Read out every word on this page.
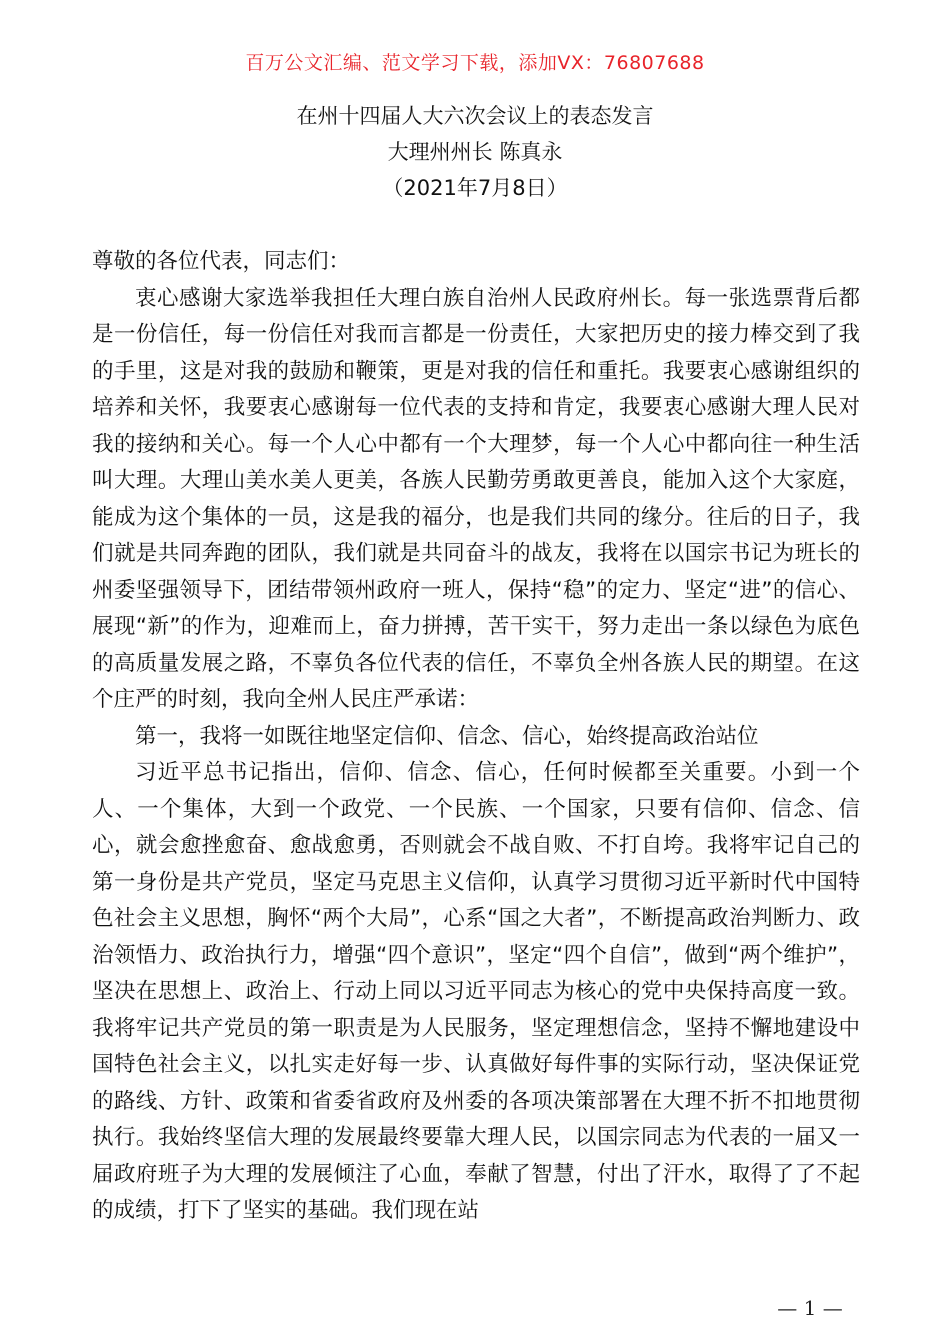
百万公文汇编、范文学习下载，添加VX：76807688
在州十四届人大六次会议上的表态发言
大理州州长 陈真永
（2021年7月8日）

尊敬的各位代表，同志们：

衷心感谢大家选举我担任大理白族自治州人民政府州长。每一张选票背后都是一份信任，每一份信任对我而言都是一份责任，大家把历史的接力棒交到了我的手里，这是对我的鼓励和鞭策，更是对我的信任和重托。我要衷心感谢组织的培养和关怀，我要衷心感谢每一位代表的支持和肯定，我要衷心感谢大理人民对我的接纳和关心。每一个人心中都有一个大理梦，每一个人心中都向往一种生活叫大理。大理山美水美人更美，各族人民勤劳勇敢更善良，能加入这个大家庭，能成为这个集体的一员，这是我的福分，也是我们共同的缘分。往后的日子，我们就是共同奔跑的团队，我们就是共同奋斗的战友，我将在以国宗书记为班长的州委坚强领导下，团结带领州政府一班人，保持“稳”的定力、坚定“进”的信心、展现“新”的作为，迎难而上，奋力拼搏，苦干实干，努力走出一条以绿色为底色的高质量发展之路，不辜负各位代表的信任，不辜负全州各族人民的期望。在这个庄严的时刻，我向全州人民庄严承诺：

第一，我将一如既往地坚定信仰、信念、信心，始终提高政治站位

习近平总书记指出，信仰、信念、信心，任何时候都至关重要。小到一个人、一个集体，大到一个政党、一个民族、一个国家，只要有信仰、信念、信心，就会愈挫愈奋、愈战愈勇，否则就会不战自败、不打自垮。我将牢记自己的第一身份是共产党员，坚定马克思主义信仰，认真学习贯彻习近平新时代中国特色社会主义思想，胸怀“两个大局”，心系“国之大者”，不断提高政治判断力、政治领悟力、政治执行力，增强“四个意识”，坚定“四个自信”，做到“两个维护”，坚决在思想上、政治上、行动上同以习近平同志为核心的党中央保持高度一致。我将牢记共产党员的第一职责是为人民服务，坚定理想信念，坚持不懈地建设中国特色社会主义，以扎实走好每一步、认真做好每件事的实际行动，坚决保证党的路线、方针、政策和省委省政府及州委的各项决策部署在大理不折不扣地贯彻执行。我始终坚信大理的发展最终要靠大理人民，以国宗同志为代表的一届又一届政府班子为大理的发展倾注了心血，奉献了智慧，付出了汗水，取得了了不起的成绩，打下了坚实的基础。我们现在站

— 1 —
